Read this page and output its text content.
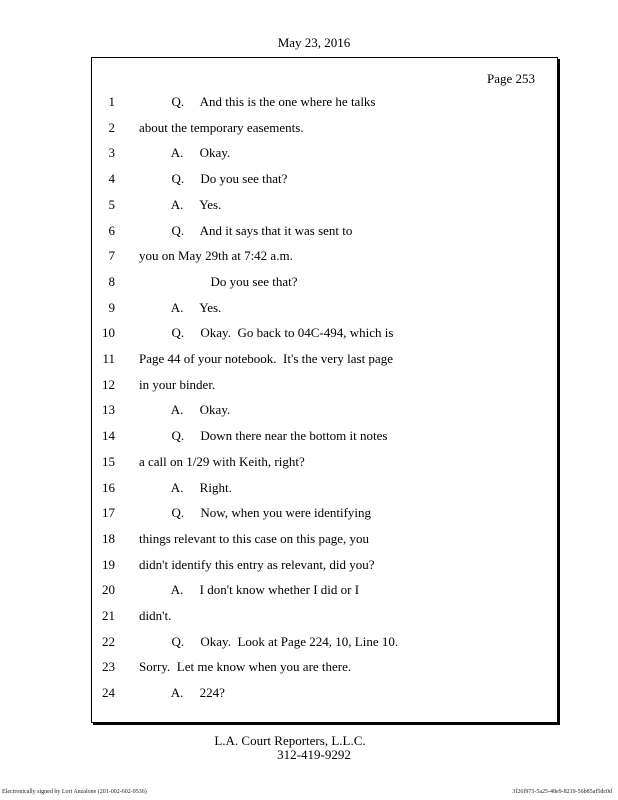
May 23, 2016
Page 253
1 Q.     And this is the one where he talks
2 about the temporary easements.
3 A.     Okay.
4 Q.     Do you see that?
5 A.     Yes.
6 Q.     And it says that it was sent to
7 you on May 29th at 7:42 a.m.
8 Do you see that?
9 A.     Yes.
10 Q.     Okay.  Go back to 04C-494, which is
11 Page 44 of your notebook.  It's the very last page
12 in your binder.
13 A.     Okay.
14 Q.     Down there near the bottom it notes
15 a call on 1/29 with Keith, right?
16 A.     Right.
17 Q.     Now, when you were identifying
18 things relevant to this case on this page, you
19 didn't identify this entry as relevant, did you?
20 A.     I don't know whether I did or I
21 didn't.
22 Q.     Okay.  Look at Page 224, 10, Line 10.
23 Sorry.  Let me know when you are there.
24 A.     224?
L.A. Court Reporters, L.L.C.
312-419-9292
Electronically signed by Lori Anzalone (201-002-602-9536)	3f26f973-5a25-48e9-8219-56b85af5dc0d
